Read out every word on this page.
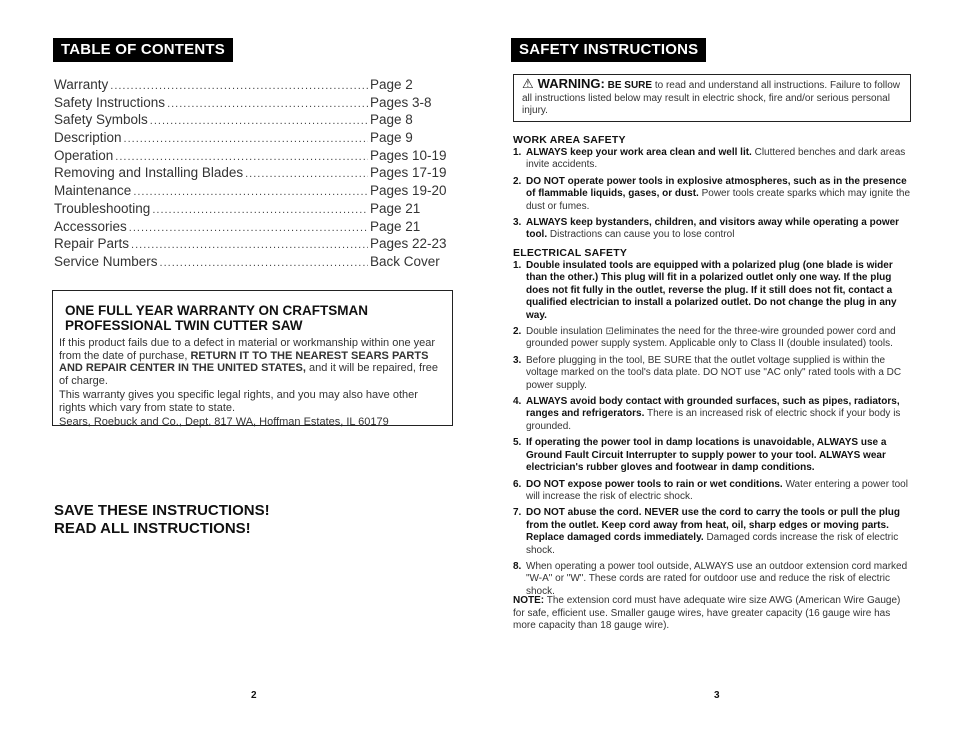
TABLE OF CONTENTS
Warranty .....	Page 2
Safety Instructions .....	Pages 3-8
Safety Symbols .....	Page 8
Description .....	Page 9
Operation .....	Pages 10-19
Removing and Installing Blades .....	Pages 17-19
Maintenance .....	Pages 19-20
Troubleshooting .....	Page 21
Accessories .....	Page 21
Repair Parts .....	Pages 22-23
Service Numbers .....	Back Cover
ONE FULL YEAR WARRANTY ON CRAFTSMAN PROFESSIONAL TWIN CUTTER SAW

If this product fails due to a defect in material or workmanship within one year from the date of purchase, RETURN IT TO THE NEAREST SEARS PARTS AND REPAIR CENTER IN THE UNITED STATES, and it will be repaired, free of charge.

This warranty gives you specific legal rights, and you may also have other rights which vary from state to state.

Sears, Roebuck and Co., Dept. 817 WA, Hoffman Estates, IL 60179

SAVE THESE INSTRUCTIONS!
READ ALL INSTRUCTIONS!
2
SAFETY INSTRUCTIONS
⚠ WARNING: BE SURE to read and understand all instructions. Failure to follow all instructions listed below may result in electric shock, fire and/or serious personal injury.
WORK AREA SAFETY
1. ALWAYS keep your work area clean and well lit. Cluttered benches and dark areas invite accidents.
2. DO NOT operate power tools in explosive atmospheres, such as in the presence of flammable liquids, gases, or dust. Power tools create sparks which may ignite the dust or fumes.
3. ALWAYS keep bystanders, children, and visitors away while operating a power tool. Distractions can cause you to lose control
ELECTRICAL SAFETY
1. Double insulated tools are equipped with a polarized plug (one blade is wider than the other.) This plug will fit in a polarized outlet only one way. If the plug does not fit fully in the outlet, reverse the plug. If it still does not fit, contact a qualified electrician to install a polarized outlet. Do not change the plug in any way.
2. Double insulation ⊡eliminates the need for the three-wire grounded power cord and grounded power supply system. Applicable only to Class II (double insulated) tools.
3. Before plugging in the tool, BE SURE that the outlet voltage supplied is within the voltage marked on the tool's data plate. DO NOT use "AC only" rated tools with a DC power supply.
4. ALWAYS avoid body contact with grounded surfaces, such as pipes, radiators, ranges and refrigerators. There is an increased risk of electric shock if your body is grounded.
5. If operating the power tool in damp locations is unavoidable, ALWAYS use a Ground Fault Circuit Interrupter to supply power to your tool. ALWAYS wear electrician's rubber gloves and footwear in damp conditions.
6. DO NOT expose power tools to rain or wet conditions. Water entering a power tool will increase the risk of electric shock.
7. DO NOT abuse the cord. NEVER use the cord to carry the tools or pull the plug from the outlet. Keep cord away from heat, oil, sharp edges or moving parts. Replace damaged cords immediately. Damaged cords increase the risk of electric shock.
8. When operating a power tool outside, ALWAYS use an outdoor extension cord marked "W-A" or "W". These cords are rated for outdoor use and reduce the risk of electric shock.
NOTE: The extension cord must have adequate wire size AWG (American Wire Gauge) for safe, efficient use. Smaller gauge wires, have greater capacity (16 gauge wire has more capacity than 18 gauge wire).
3
